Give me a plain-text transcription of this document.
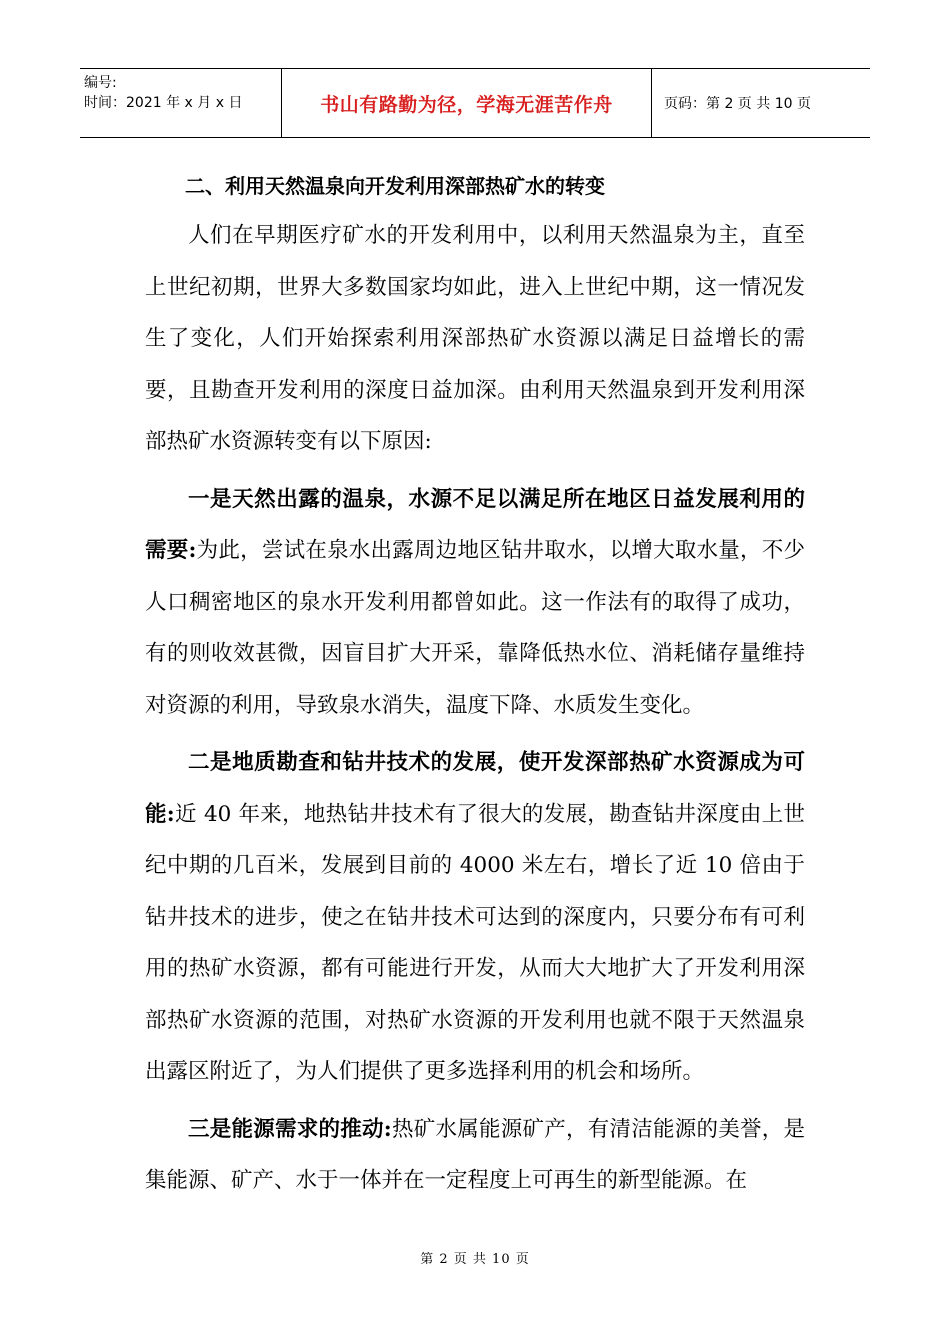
编号:
时间：2021 年 x 月 x 日	书山有路勤为径，学海无涯苦作舟	页码：第 2 页 共 10 页
二、利用天然温泉向开发利用深部热矿水的转变

人们在早期医疗矿水的开发利用中，以利用天然温泉为主，直至上世纪初期，世界大多数国家均如此，进入上世纪中期，这一情况发生了变化，人们开始探索利用深部热矿水资源以满足日益增长的需要，且勘查开发利用的深度日益加深。由利用天然温泉到开发利用深部热矿水资源转变有以下原因:

一是天然出露的温泉，水源不足以满足所在地区日益发展利用的需要:为此，尝试在泉水出露周边地区钻井取水，以增大取水量，不少人口稠密地区的泉水开发利用都曾如此。这一作法有的取得了成功，有的则收效甚微，因盲目扩大开采，靠降低热水位、消耗储存量维持对资源的利用，导致泉水消失，温度下降、水质发生变化。

二是地质勘查和钻井技术的发展，使开发深部热矿水资源成为可能:近 40 年来，地热钻井技术有了很大的发展，勘查钻井深度由上世纪中期的几百米，发展到目前的 4000 米左右，增长了近 10 倍由于钻井技术的进步，使之在钻井技术可达到的深度内，只要分布有可利用的热矿水资源，都有可能进行开发，从而大大地扩大了开发利用深部热矿水资源的范围，对热矿水资源的开发利用也就不限于天然温泉出露区附近了，为人们提供了更多选择利用的机会和场所。

三是能源需求的推动:热矿水属能源矿产，有清洁能源的美誉，是集能源、矿产、水于一体并在一定程度上可再生的新型能源。在

第 2 页 共 10 页
